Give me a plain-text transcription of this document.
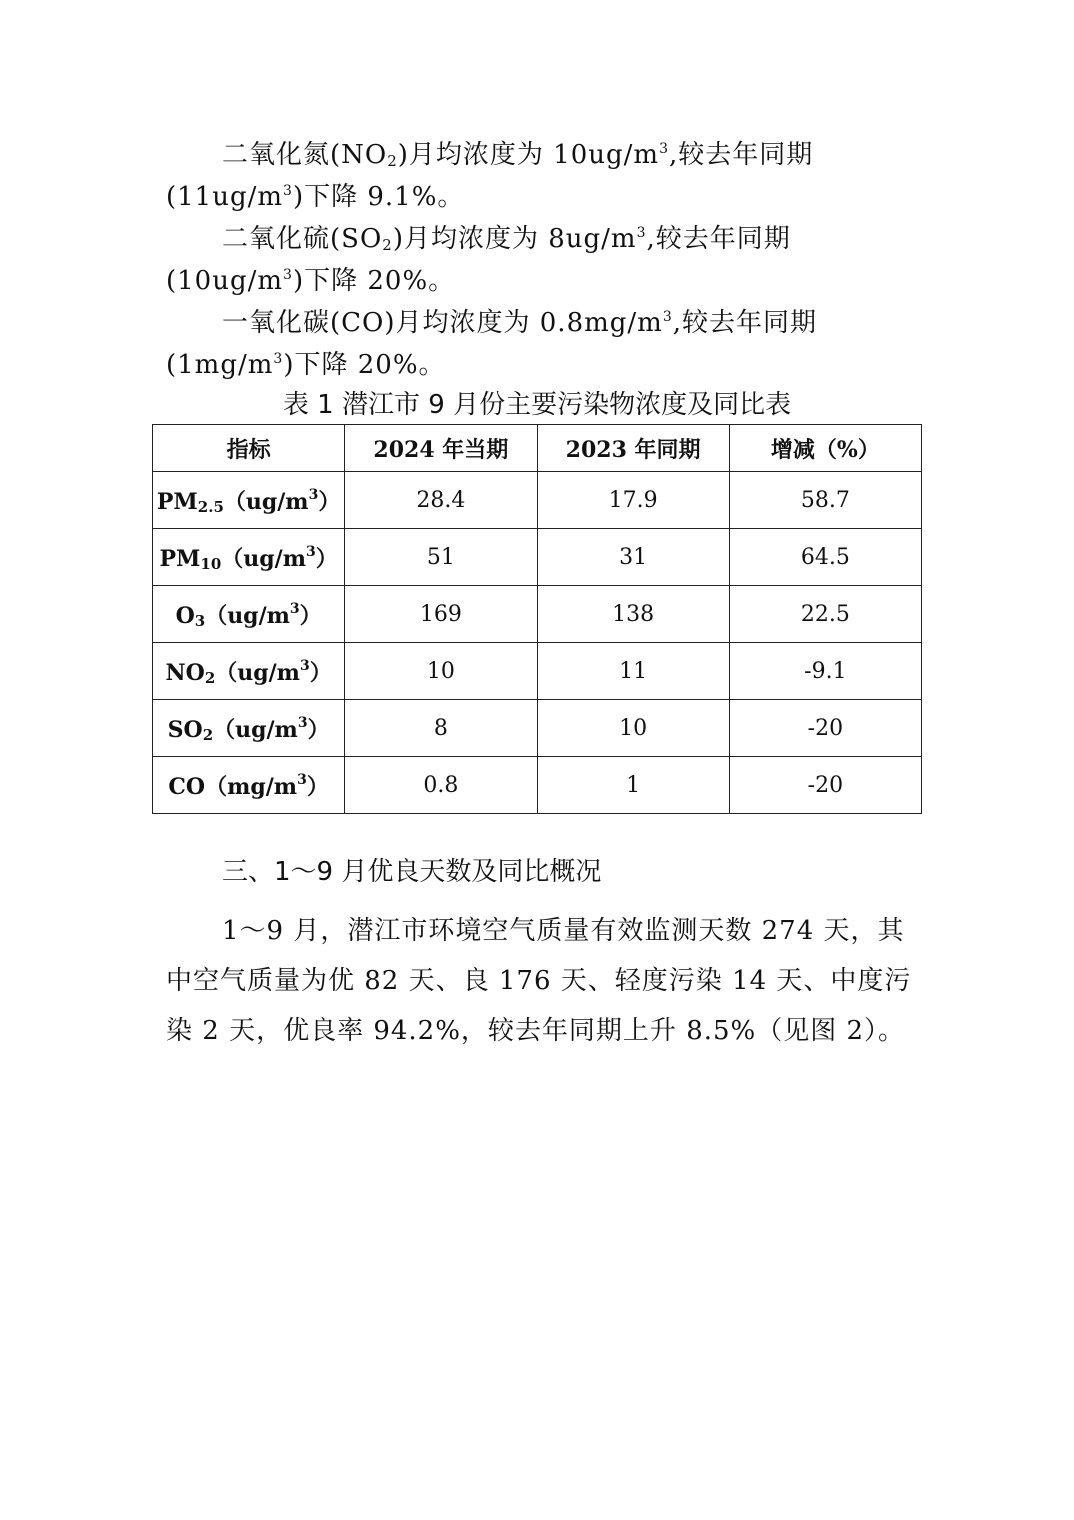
二氧化氮$(NO_2)$月均浓度为 $10ug/m^3$,较去年同期$(11ug/m^3)$下降 9.1%。

二氧化硫$(SO_2)$月均浓度为 $8ug/m^3$,较去年同期$(10ug/m^3)$下降 20%。

一氧化碳(CO)月均浓度为 $0.8mg/m^3$,较去年同期$(1mg/m^3)$下降 20%。

表 1 潜江市 9 月份主要污染物浓度及同比表
指标	2024 年当期	2023 年同期	增减（%）
$PM_{2.5}(ug/m^3)$	28.4	17.9	58.7
$PM_{10}(ug/m^3)$	51	31	64.5
$O_3(ug/m^3)$	169	138	22.5
$NO_2(ug/m^3)$	10	11	-9.1
$SO_2(ug/m^3)$	8	10	-20
$CO(mg/m^3)$	0.8	1	-20
三、1～9 月优良天数及同比概况

1～9 月，潜江市环境空气质量有效监测天数 274 天，其中空气质量为优 82 天、良 176 天、轻度污染 14 天、中度污染 2 天，优良率 94.2%，较去年同期上升 8.5%（见图 2）。
